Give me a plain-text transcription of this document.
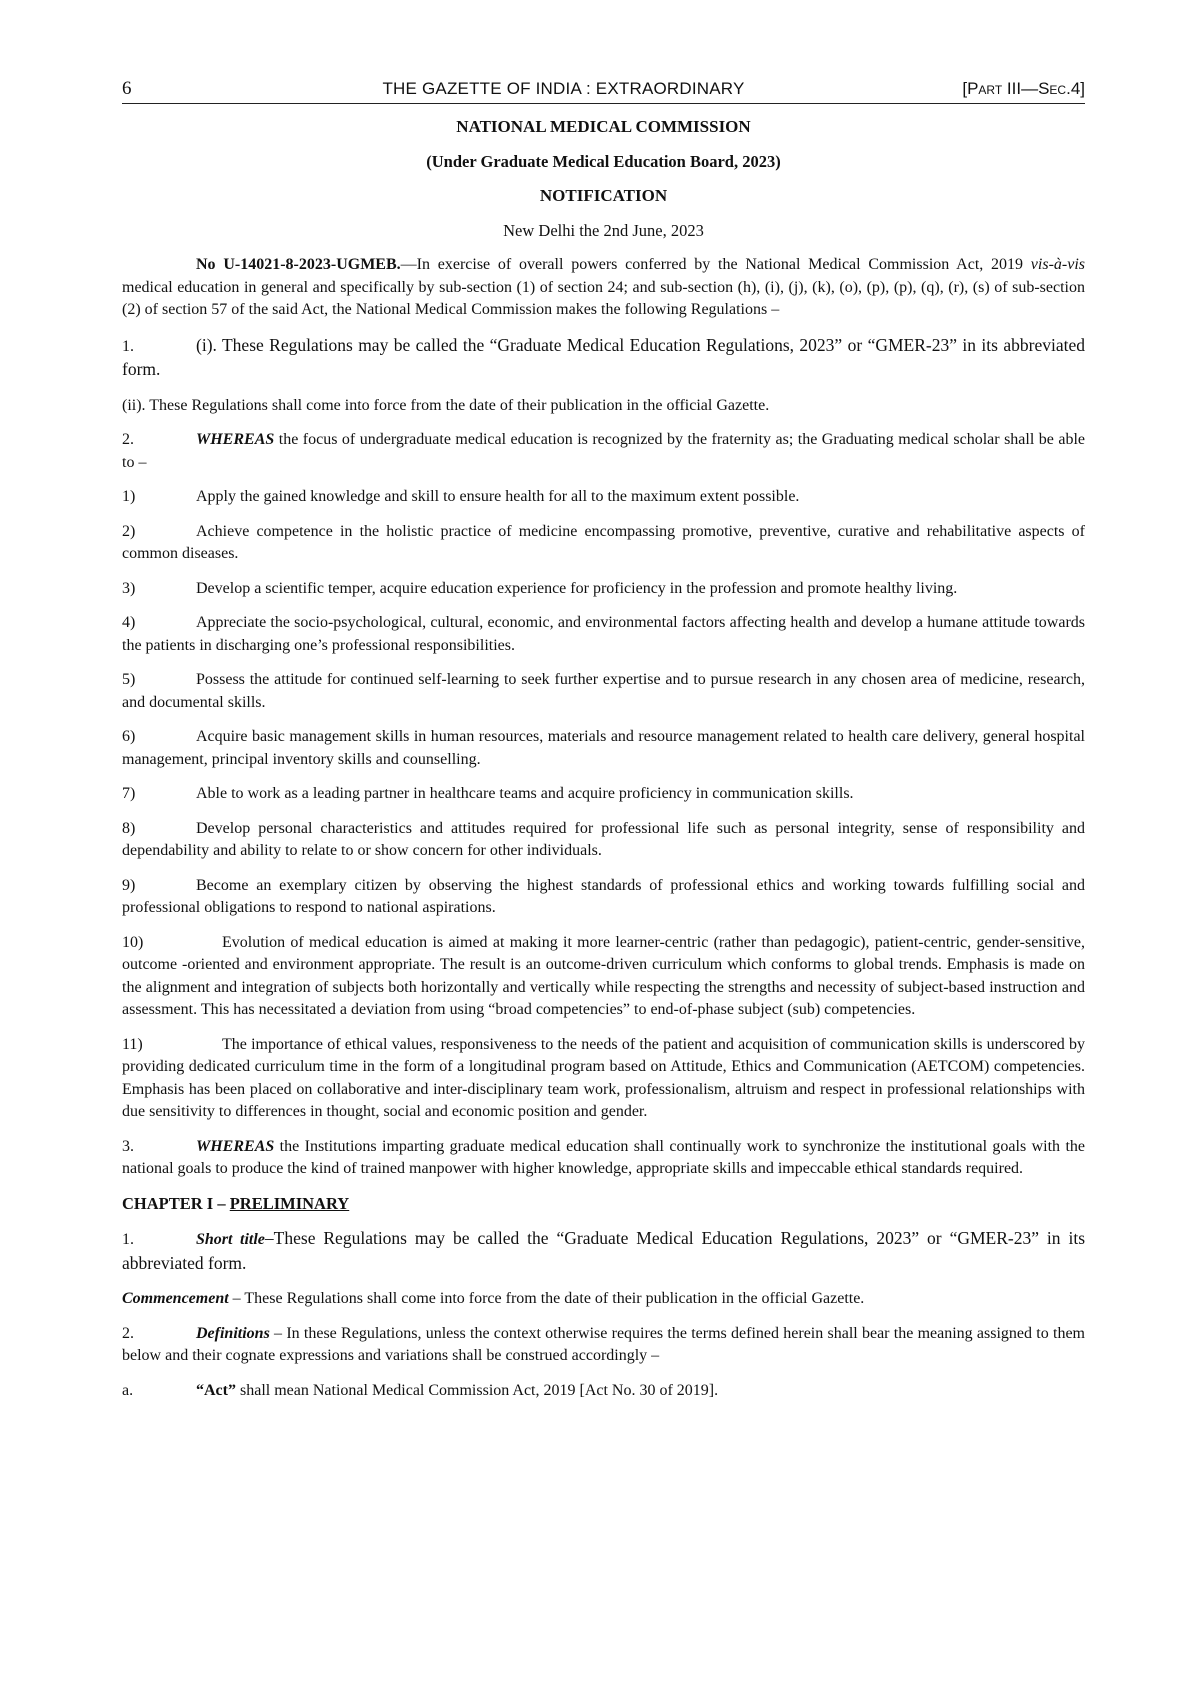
6	THE GAZETTE OF INDIA : EXTRAORDINARY	[Part III—Sec.4]

NATIONAL MEDICAL COMMISSION

(Under Graduate Medical Education Board, 2023)

NOTIFICATION

New Delhi the 2nd June, 2023

No U-14021-8-2023-UGMEB.—In exercise of overall powers conferred by the National Medical Commission Act, 2019 vis-à-vis medical education in general and specifically by sub-section (1) of section 24; and sub-section (h), (i), (j), (k), (o), (p), (p), (q), (r), (s) of sub-section (2) of section 57 of the said Act, the National Medical Commission makes the following Regulations –

1.	(i). These Regulations may be called the “Graduate Medical Education Regulations, 2023” or “GMER-23” in its abbreviated form.

(ii). These Regulations shall come into force from the date of their publication in the official Gazette.

2.	WHEREAS the focus of undergraduate medical education is recognized by the fraternity as; the Graduating medical scholar shall be able to –

1)	Apply the gained knowledge and skill to ensure health for all to the maximum extent possible.

2)	Achieve competence in the holistic practice of medicine encompassing promotive, preventive, curative and rehabilitative aspects of common diseases.

3)	Develop a scientific temper, acquire education experience for proficiency in the profession and promote healthy living.

4)	Appreciate the socio-psychological, cultural, economic, and environmental factors affecting health and develop a humane attitude towards the patients in discharging one’s professional responsibilities.

5)	Possess the attitude for continued self-learning to seek further expertise and to pursue research in any chosen area of medicine, research, and documental skills.

6)	Acquire basic management skills in human resources, materials and resource management related to health care delivery, general hospital management, principal inventory skills and counselling.

7)	Able to work as a leading partner in healthcare teams and acquire proficiency in communication skills.

8)	Develop personal characteristics and attitudes required for professional life such as personal integrity, sense of responsibility and dependability and ability to relate to or show concern for other individuals.

9)	Become an exemplary citizen by observing the highest standards of professional ethics and working towards fulfilling social and professional obligations to respond to national aspirations.

10)	Evolution of medical education is aimed at making it more learner-centric (rather than pedagogic), patient-centric, gender-sensitive, outcome -oriented and environment appropriate. The result is an outcome-driven curriculum which conforms to global trends. Emphasis is made on the alignment and integration of subjects both horizontally and vertically while respecting the strengths and necessity of subject-based instruction and assessment. This has necessitated a deviation from using “broad competencies” to end-of-phase subject (sub) competencies.

11)	The importance of ethical values, responsiveness to the needs of the patient and acquisition of communication skills is underscored by providing dedicated curriculum time in the form of a longitudinal program based on Attitude, Ethics and Communication (AETCOM) competencies. Emphasis has been placed on collaborative and inter-disciplinary team work, professionalism, altruism and respect in professional relationships with due sensitivity to differences in thought, social and economic position and gender.

3.	WHEREAS the Institutions imparting graduate medical education shall continually work to synchronize the institutional goals with the national goals to produce the kind of trained manpower with higher knowledge, appropriate skills and impeccable ethical standards required.

CHAPTER I – PRELIMINARY

1.	Short title–These Regulations may be called the “Graduate Medical Education Regulations, 2023” or “GMER-23” in its abbreviated form.

Commencement – These Regulations shall come into force from the date of their publication in the official Gazette.

2.	Definitions – In these Regulations, unless the context otherwise requires the terms defined herein shall bear the meaning assigned to them below and their cognate expressions and variations shall be construed accordingly –

a.	“Act” shall mean National Medical Commission Act, 2019 [Act No. 30 of 2019].
